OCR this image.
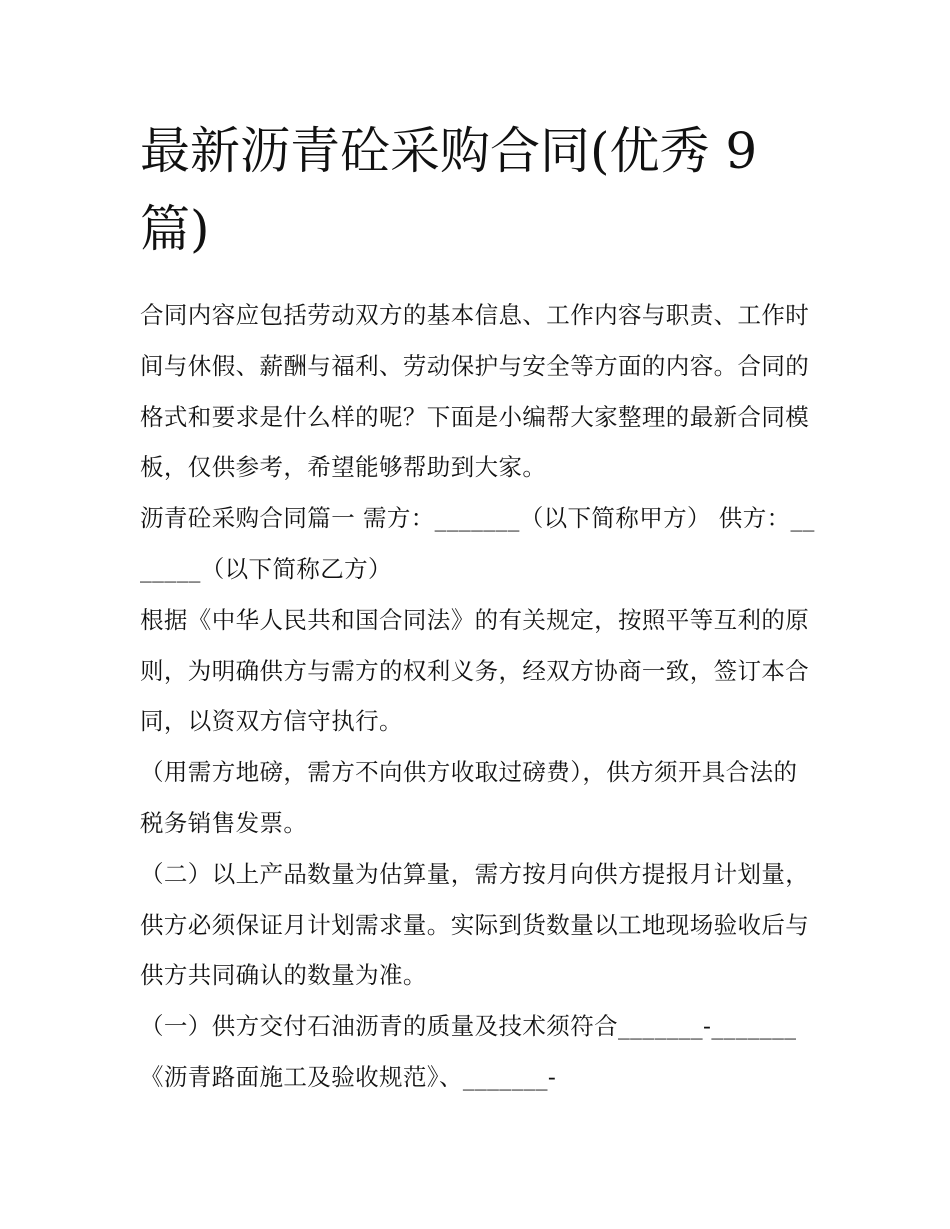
最新沥青砼采购合同(优秀 9 篇)

合同内容应包括劳动双方的基本信息、工作内容与职责、工作时间与休假、薪酬与福利、劳动保护与安全等方面的内容。合同的格式和要求是什么样的呢？下面是小编帮大家整理的最新合同模板，仅供参考，希望能够帮助到大家。

沥青砼采购合同篇一 需方：_______（以下简称甲方） 供方：_______（以下简称乙方）

根据《中华人民共和国合同法》的有关规定，按照平等互利的原则，为明确供方与需方的权利义务，经双方协商一致，签订本合同，以资双方信守执行。

（用需方地磅，需方不向供方收取过磅费），供方须开具合法的税务销售发票。

（二）以上产品数量为估算量，需方按月向供方提报月计划量，供方必须保证月计划需求量。实际到货数量以工地现场验收后与供方共同确认的数量为准。

（一）供方交付石油沥青的质量及技术须符合_______-_______《沥青路面施工及验收规范》、_______-
